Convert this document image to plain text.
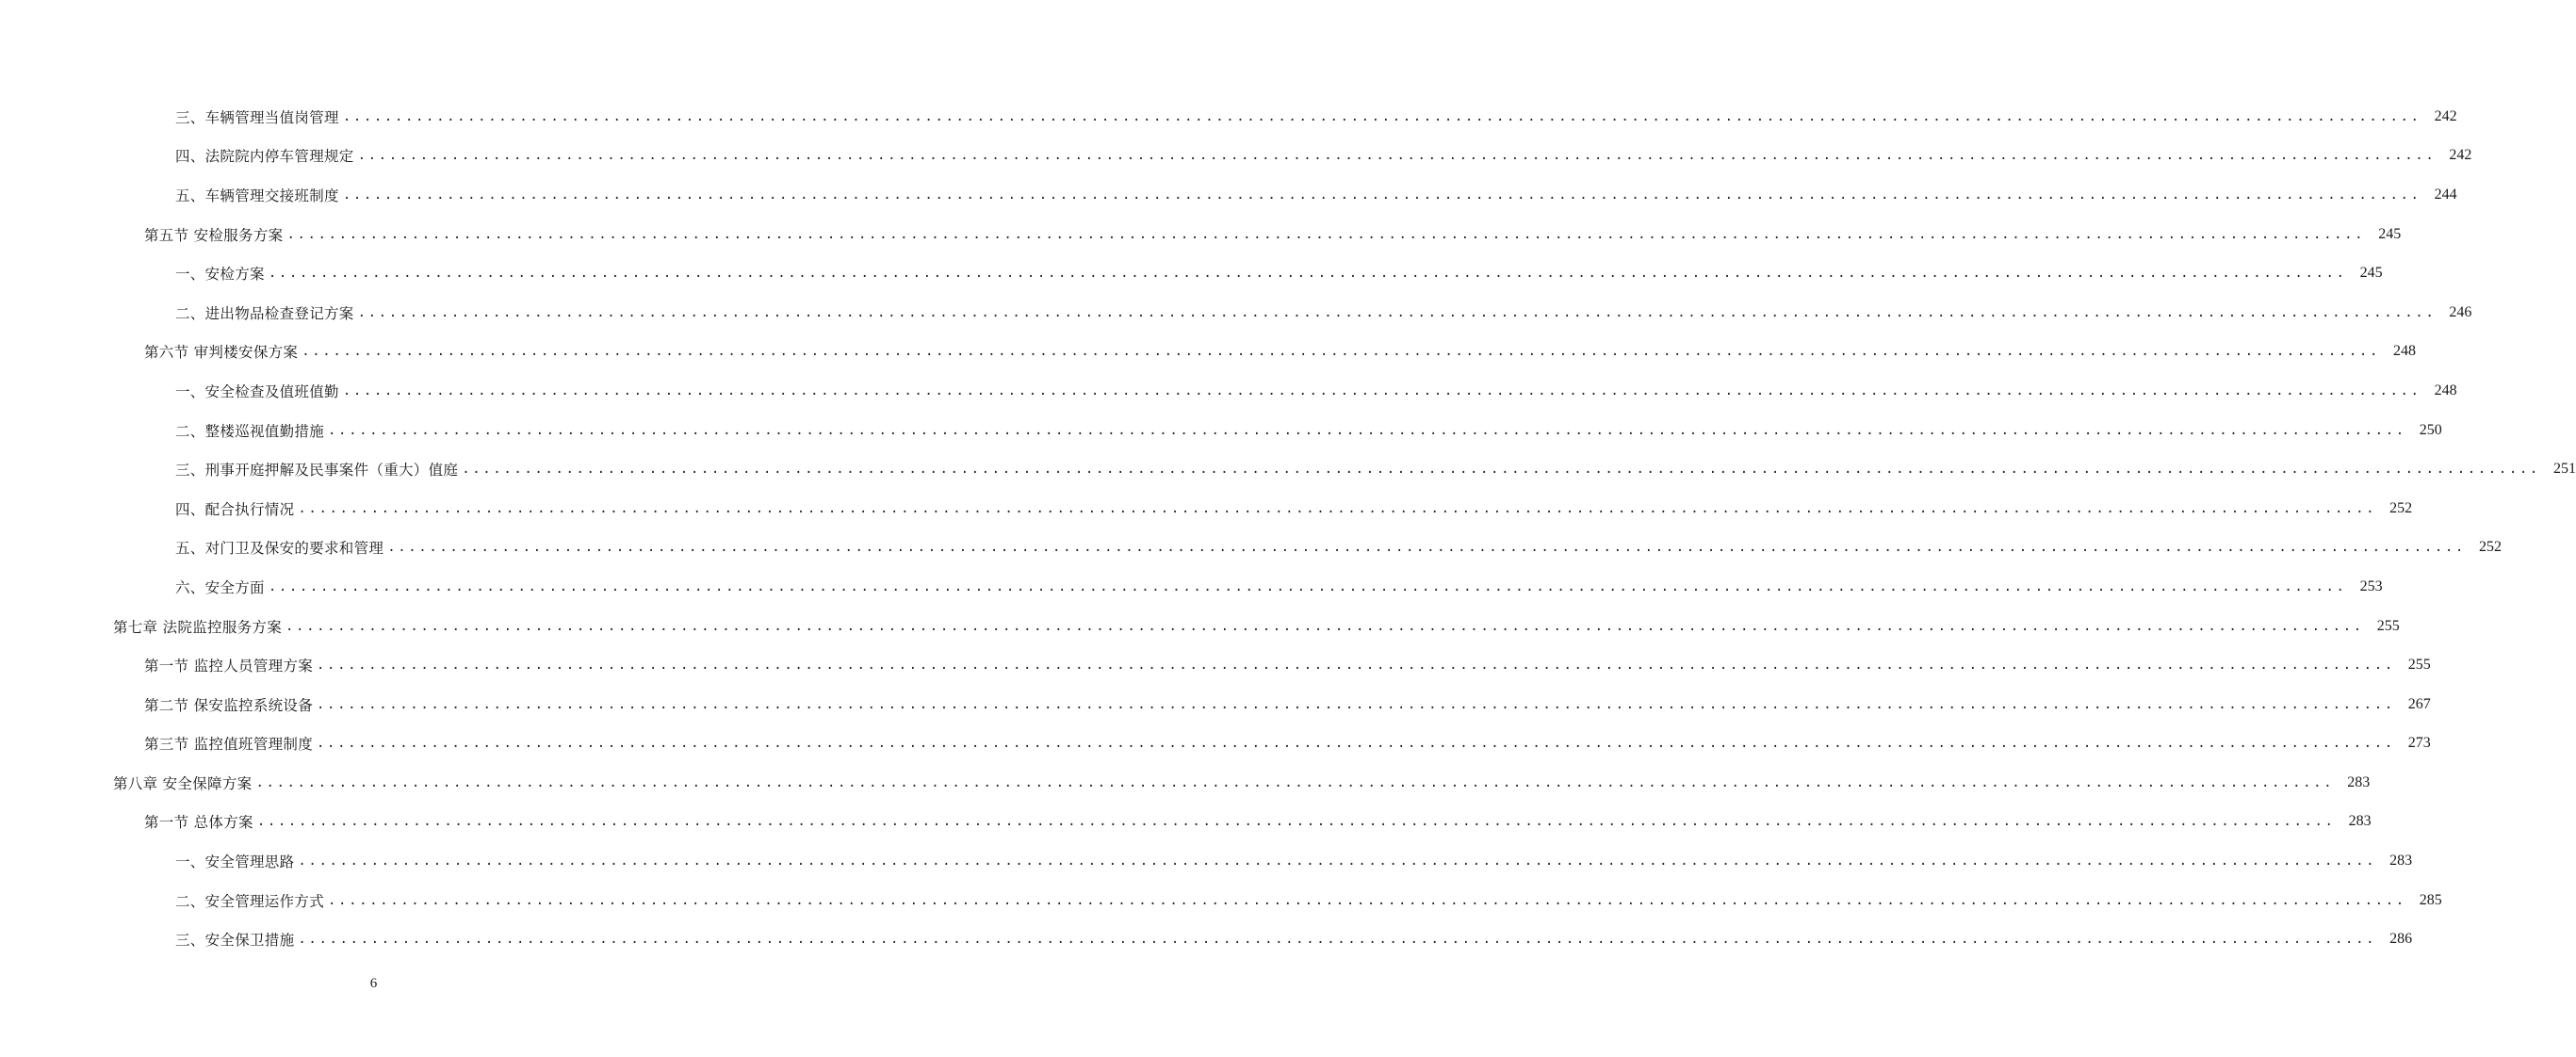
三、车辆管理当值岗管理 ........................................................................................................................................................................................................ 242
四、法院院内停车管理规定 ........................................................................................................................................................................................................ 242
五、车辆管理交接班制度 ........................................................................................................................................................................................................ 244
第五节 安检服务方案 ........................................................................................................................................................................................................ 245
一、安检方案 ........................................................................................................................................................................................................ 245
二、进出物品检查登记方案 ........................................................................................................................................................................................................ 246
第六节 审判楼安保方案 ........................................................................................................................................................................................................ 248
一、安全检查及值班值勤 ........................................................................................................................................................................................................ 248
二、整楼巡视值勤措施 ........................................................................................................................................................................................................ 250
三、刑事开庭押解及民事案件（重大）值庭 ........................................................................................................................................................................................................ 251
四、配合执行情况 ........................................................................................................................................................................................................ 252
五、对门卫及保安的要求和管理 ........................................................................................................................................................................................................ 252
六、安全方面 ........................................................................................................................................................................................................ 253
第七章 法院监控服务方案 ........................................................................................................................................................................................................ 255
第一节 监控人员管理方案 ........................................................................................................................................................................................................ 255
第二节 保安监控系统设备 ........................................................................................................................................................................................................ 267
第三节 监控值班管理制度 ........................................................................................................................................................................................................ 273
第八章 安全保障方案 ........................................................................................................................................................................................................ 283
第一节 总体方案 ........................................................................................................................................................................................................ 283
一、安全管理思路 ........................................................................................................................................................................................................ 283
二、安全管理运作方式 ........................................................................................................................................................................................................ 285
三、安全保卫措施 ........................................................................................................................................................................................................ 286
6
